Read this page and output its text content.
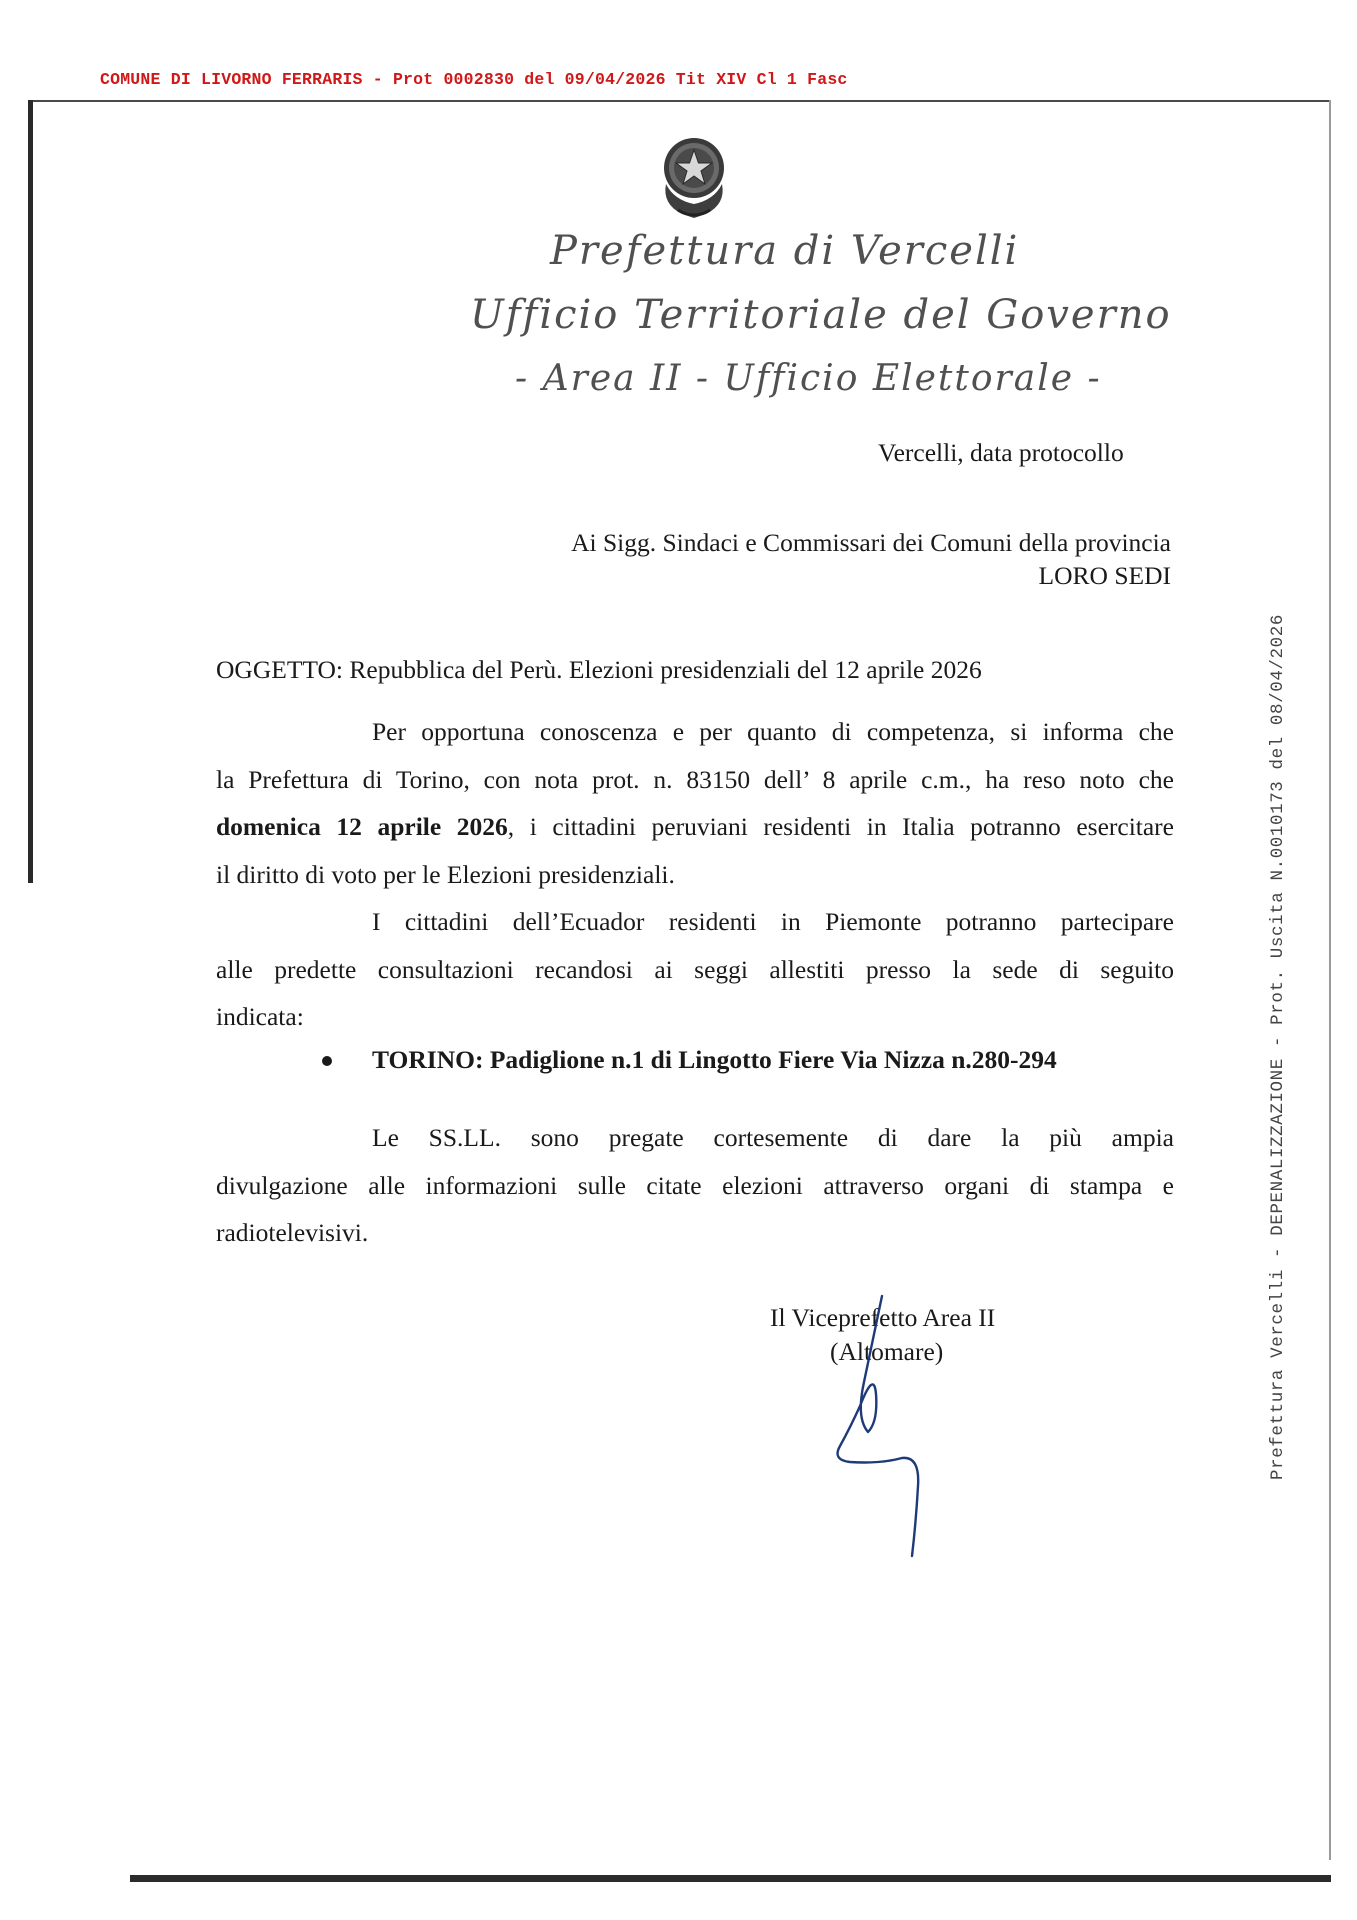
COMUNE DI LIVORNO FERRARIS - Prot 0002830 del 09/04/2026 Tit XIV Cl 1 Fasc
Prefettura Vercelli - DEPENALIZZAZIONE - Prot. Uscita N.0010173 del 08/04/2026
Prefettura di Vercelli
Ufficio Territoriale del Governo
- Area II - Ufficio Elettorale -
Vercelli, data protocollo
Ai Sigg. Sindaci e Commissari dei Comuni della provincia
LORO SEDI
OGGETTO: Repubblica del Perù. Elezioni presidenziali del 12 aprile 2026
Per opportuna conoscenza e per quanto di competenza, si informa che
la Prefettura di Torino, con nota prot. n. 83150 dell’ 8 aprile c.m., ha reso noto che
domenica 12 aprile 2026, i cittadini peruviani residenti in Italia potranno esercitare
il diritto di voto per le Elezioni presidenziali.
I cittadini dell’Ecuador residenti in Piemonte potranno partecipare
alle predette consultazioni recandosi ai seggi allestiti presso la sede di seguito
indicata:
TORINO: Padiglione n.1 di Lingotto Fiere Via Nizza n.280-294
Le SS.LL. sono pregate cortesemente di dare la più ampia
divulgazione alle informazioni sulle citate elezioni attraverso organi di stampa e
radiotelevisivi.
Il Viceprefetto Area II
(Altomare)
